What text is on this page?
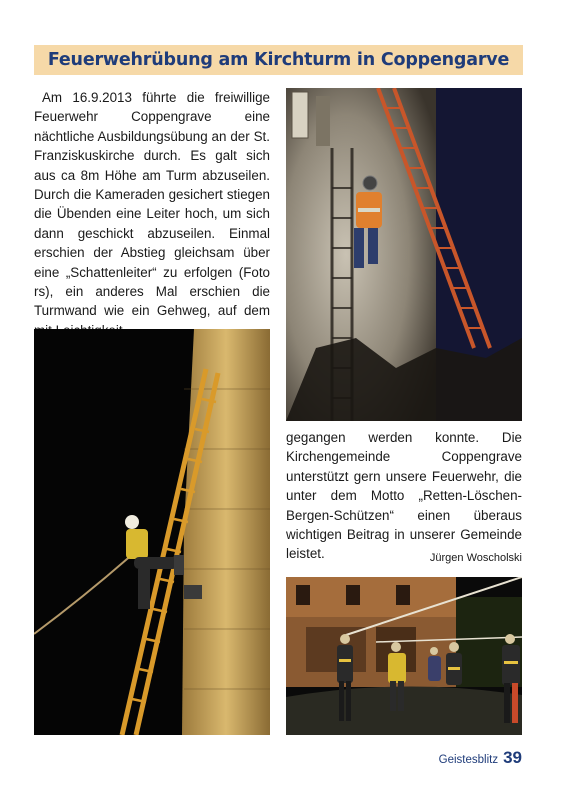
Feuerwehrübung am Kirchturm in Coppengarve
Am 16.9.2013 führte die freiwillige Feuerwehr Coppengrave eine nächtliche Ausbildungsübung an der St. Franziskuskirche durch. Es galt sich aus ca 8m Höhe am Turm abzuseilen. Durch die Kameraden gesichert stiegen die Übenden eine Leiter hoch, um sich dann geschickt abzuseilen. Einmal erschien der Abstieg gleichsam über eine „Schattenleiter“ zu erfolgen (Foto rs), ein anderes Mal erschien die Turmwand wie ein Gehweg, auf dem
gegangen werden konnte. Die Kirchengemeinde Coppengrave unterstützt gern unsere Feuerwehr, die unter dem Motto „Retten-Löschen-Bergen-Schützen“ einen überaus wichtigen Beitrag in unserer Gemeinde leistet.	Jürgen Woscholski
Geistesblitz 39
